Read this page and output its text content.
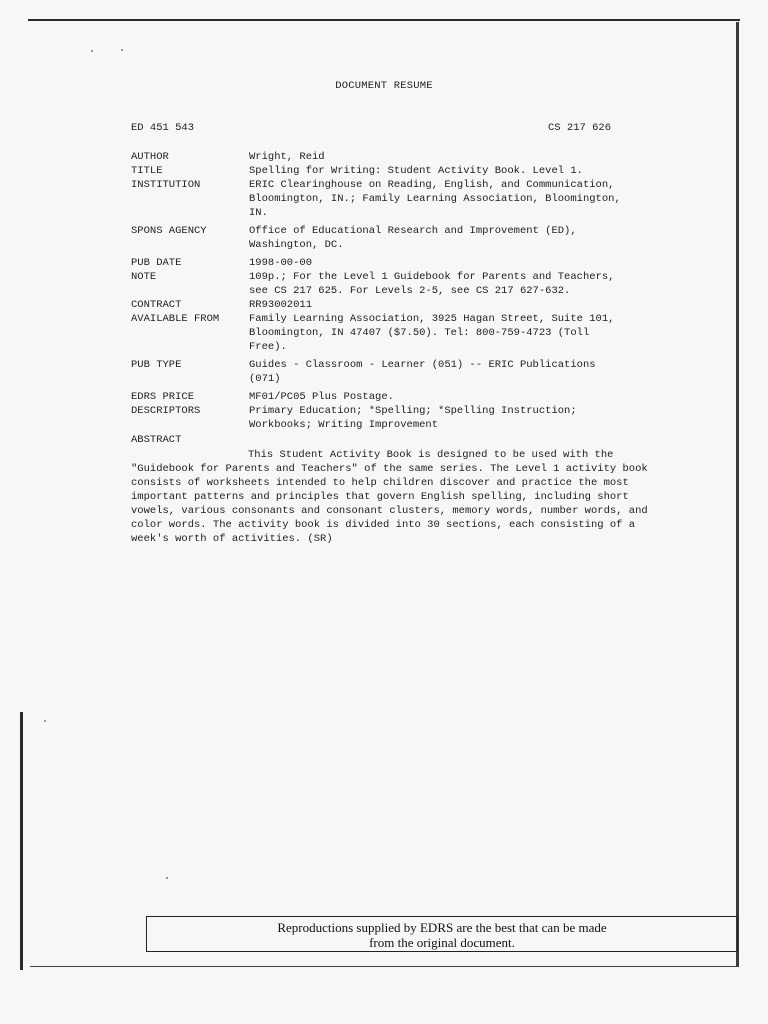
DOCUMENT RESUME
ED 451 543	CS 217 626
AUTHOR	Wright, Reid
TITLE	Spelling for Writing: Student Activity Book. Level 1.
INSTITUTION	ERIC Clearinghouse on Reading, English, and Communication,
Bloomington, IN.; Family Learning Association, Bloomington,
IN.
SPONS AGENCY	Office of Educational Research and Improvement (ED),
Washington, DC.
PUB DATE	1998-00-00
NOTE	109p.; For the Level 1 Guidebook for Parents and Teachers,
see CS 217 625. For Levels 2-5, see CS 217 627-632.
CONTRACT	RR93002011
AVAILABLE FROM	Family Learning Association, 3925 Hagan Street, Suite 101,
Bloomington, IN 47407 ($7.50). Tel: 800-759-4723 (Toll
Free).
PUB TYPE	Guides - Classroom - Learner (051) -- ERIC Publications
(071)
EDRS PRICE	MF01/PC05 Plus Postage.
DESCRIPTORS	Primary Education; *Spelling; *Spelling Instruction;
Workbooks; Writing Improvement
ABSTRACT
This Student Activity Book is designed to be used with the "Guidebook for Parents and Teachers" of the same series. The Level 1 activity book consists of worksheets intended to help children discover and practice the most important patterns and principles that govern English spelling, including short vowels, various consonants and consonant clusters, memory words, number words, and color words. The activity book is divided into 30 sections, each consisting of a week's worth of activities. (SR)
Reproductions supplied by EDRS are the best that can be made
from the original document.
